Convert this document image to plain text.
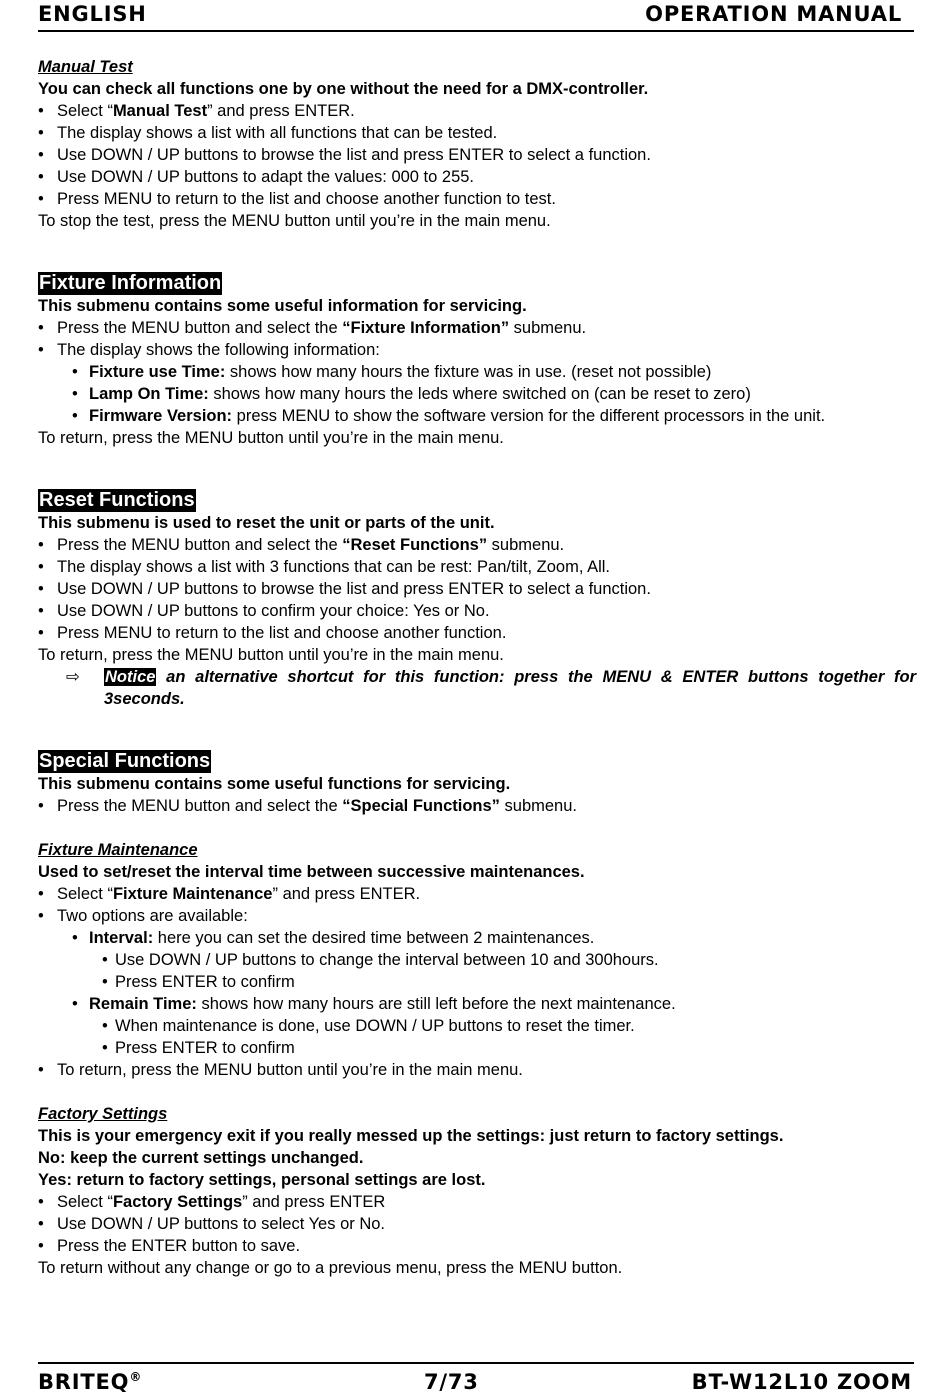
ENGLISH	OPERATION MANUAL
Manual Test
You can check all functions one by one without the need for a DMX-controller.
• Select “Manual Test” and press ENTER.
• The display shows a list with all functions that can be tested.
• Use DOWN / UP buttons to browse the list and press ENTER to select a function.
• Use DOWN / UP buttons to adapt the values: 000 to 255.
• Press MENU to return to the list and choose another function to test.
To stop the test, press the MENU button until you’re in the main menu.
Fixture Information
This submenu contains some useful information for servicing.
• Press the MENU button and select the “Fixture Information” submenu.
• The display shows the following information:
• Fixture use Time: shows how many hours the fixture was in use. (reset not possible)
• Lamp On Time: shows how many hours the leds where switched on (can be reset to zero)
• Firmware Version: press MENU to show the software version for the different processors in the unit.
To return, press the MENU button until you’re in the main menu.
Reset Functions
This submenu is used to reset the unit or parts of the unit.
• Press the MENU button and select the “Reset Functions” submenu.
• The display shows a list with 3 functions that can be rest: Pan/tilt, Zoom, All.
• Use DOWN / UP buttons to browse the list and press ENTER to select a function.
• Use DOWN / UP buttons to confirm your choice: Yes or No.
• Press MENU to return to the list and choose another function.
To return, press the MENU button until you’re in the main menu.
⇨ Notice an alternative shortcut for this function: press the MENU & ENTER buttons together for 3seconds.
Special Functions
This submenu contains some useful functions for servicing.
• Press the MENU button and select the “Special Functions” submenu.
Fixture Maintenance
Used to set/reset the interval time between successive maintenances.
• Select “Fixture Maintenance” and press ENTER.
• Two options are available:
• Interval: here you can set the desired time between 2 maintenances.
• Use DOWN / UP buttons to change the interval between 10 and 300hours.
• Press ENTER to confirm
• Remain Time: shows how many hours are still left before the next maintenance.
• When maintenance is done, use DOWN / UP buttons to reset the timer.
• Press ENTER to confirm
• To return, press the MENU button until you’re in the main menu.
Factory Settings
This is your emergency exit if you really messed up the settings: just return to factory settings.
No: keep the current settings unchanged.
Yes: return to factory settings, personal settings are lost.
• Select “Factory Settings” and press ENTER
• Use DOWN / UP buttons to select Yes or No.
• Press the ENTER button to save.
To return without any change or go to a previous menu, press the MENU button.
BRITEQ®	7/73	BT-W12L10 ZOOM
